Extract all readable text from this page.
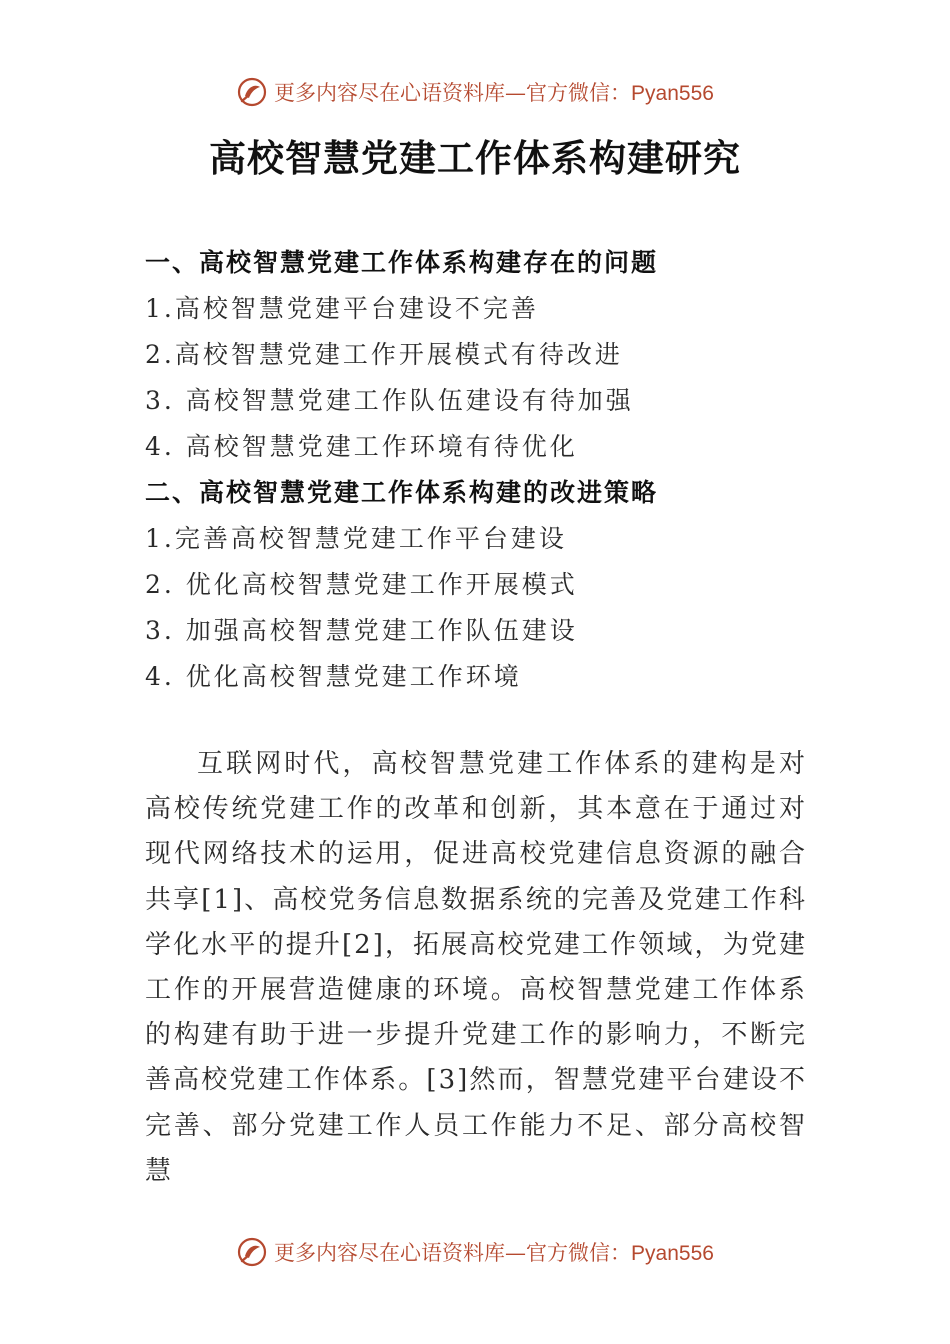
更多内容尽在心语资料库—官方微信：Pyan556
高校智慧党建工作体系构建研究
一、高校智慧党建工作体系构建存在的问题
1.高校智慧党建平台建设不完善
2.高校智慧党建工作开展模式有待改进
3. 高校智慧党建工作队伍建设有待加强
4. 高校智慧党建工作环境有待优化
二、高校智慧党建工作体系构建的改进策略
1.完善高校智慧党建工作平台建设
2. 优化高校智慧党建工作开展模式
3. 加强高校智慧党建工作队伍建设
4. 优化高校智慧党建工作环境

互联网时代，高校智慧党建工作体系的建构是对高校传统党建工作的改革和创新，其本意在于通过对现代网络技术的运用，促进高校党建信息资源的融合共享[1]、高校党务信息数据系统的完善及党建工作科学化水平的提升[2]，拓展高校党建工作领域，为党建工作的开展营造健康的环境。高校智慧党建工作体系的构建有助于进一步提升党建工作的影响力，不断完善高校党建工作体系。[3]然而，智慧党建平台建设不完善、部分党建工作人员工作能力不足、部分高校智慧

更多内容尽在心语资料库—官方微信：Pyan556
